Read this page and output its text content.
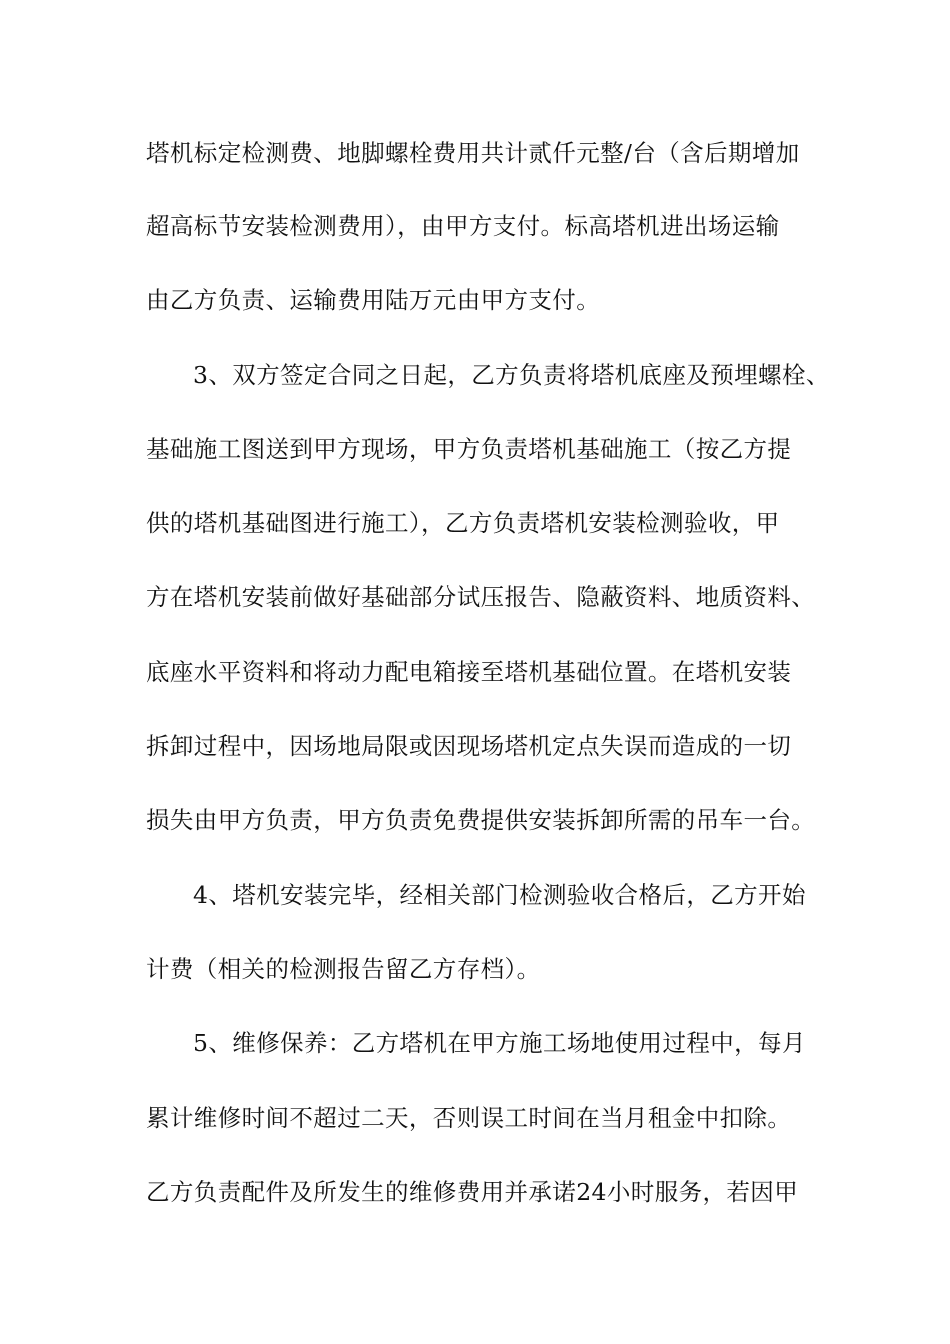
塔机标定检测费、地脚螺栓费用共计贰仟元整/台（含后期增加
超高标节安装检测费用），由甲方支付。标高塔机进出场运输
由乙方负责、运输费用陆万元由甲方支付。
3、双方签定合同之日起，乙方负责将塔机底座及预埋螺栓、
基础施工图送到甲方现场，甲方负责塔机基础施工（按乙方提
供的塔机基础图进行施工），乙方负责塔机安装检测验收，甲
方在塔机安装前做好基础部分试压报告、隐蔽资料、地质资料、
底座水平资料和将动力配电箱接至塔机基础位置。在塔机安装
拆卸过程中，因场地局限或因现场塔机定点失误而造成的一切
损失由甲方负责，甲方负责免费提供安装拆卸所需的吊车一台。
4、塔机安装完毕，经相关部门检测验收合格后，乙方开始
计费（相关的检测报告留乙方存档）。
5、维修保养：乙方塔机在甲方施工场地使用过程中，每月
累计维修时间不超过二天，否则误工时间在当月租金中扣除。
乙方负责配件及所发生的维修费用并承诺24小时服务，若因甲
